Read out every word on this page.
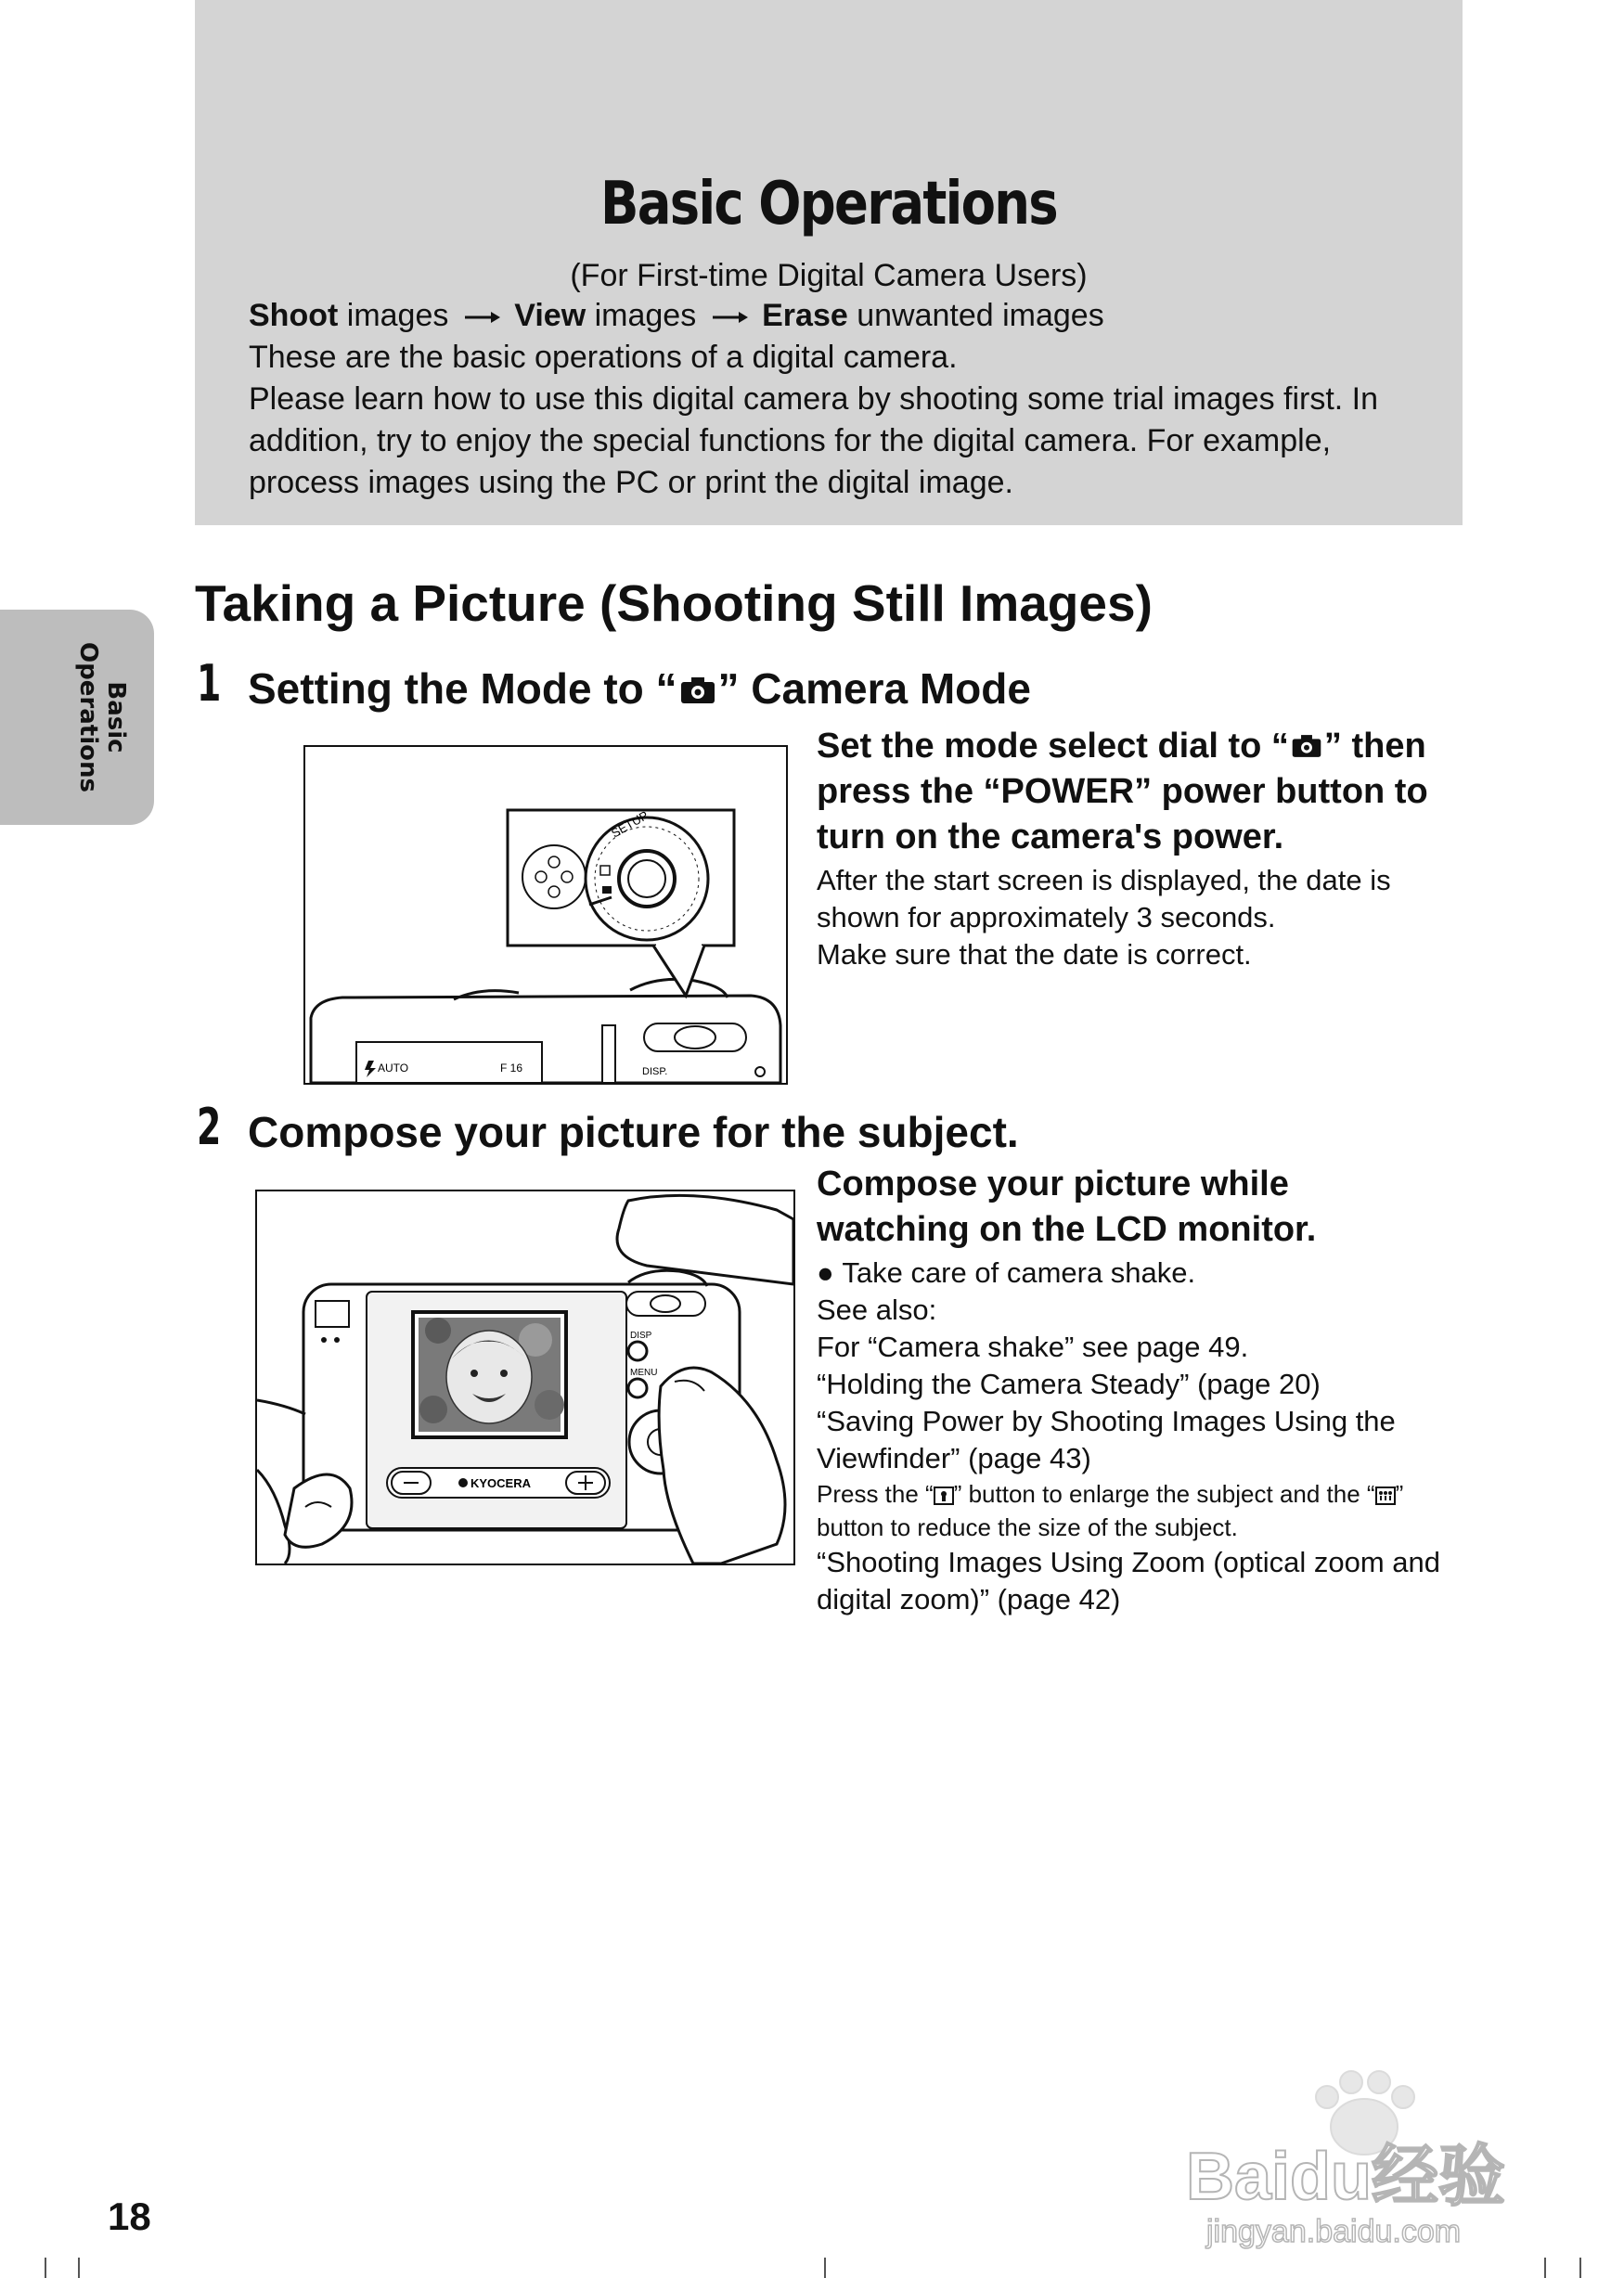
Basic Operations
(For First-time Digital Camera Users)
Shoot images View images Erase unwanted images
These are the basic operations of a digital camera.
Please learn how to use this digital camera by shooting some trial images first. In addition, try to enjoy the special functions for the digital camera. For example, process images using the PC or print the digital image.
Basic
Operations
Taking a Picture (Shooting Still Images)
1 Setting the Mode to “ ” Camera Mode
AUTO	F 16	DISP.
SETUP
Set the mode select dial to “ ” then press the “POWER” power button to turn on the camera's power.
After the start screen is displayed, the date is shown for approximately 3 seconds.
Make sure that the date is correct.
2 Compose your picture for the subject.
KYOCERA
DISP
MENU
Compose your picture while watching on the LCD monitor.
● Take care of camera shake.
See also:
For “Camera shake” see page 49.
“Holding the Camera Steady” (page 20)
“Saving Power by Shooting Images Using the Viewfinder” (page 43)
Press the “ ” button to enlarge the subject and the “ ” button to reduce the size of the subject.
“Shooting Images Using Zoom (optical zoom and digital zoom)” (page 42)
18
Baidu经验
jingyan.baidu.com
